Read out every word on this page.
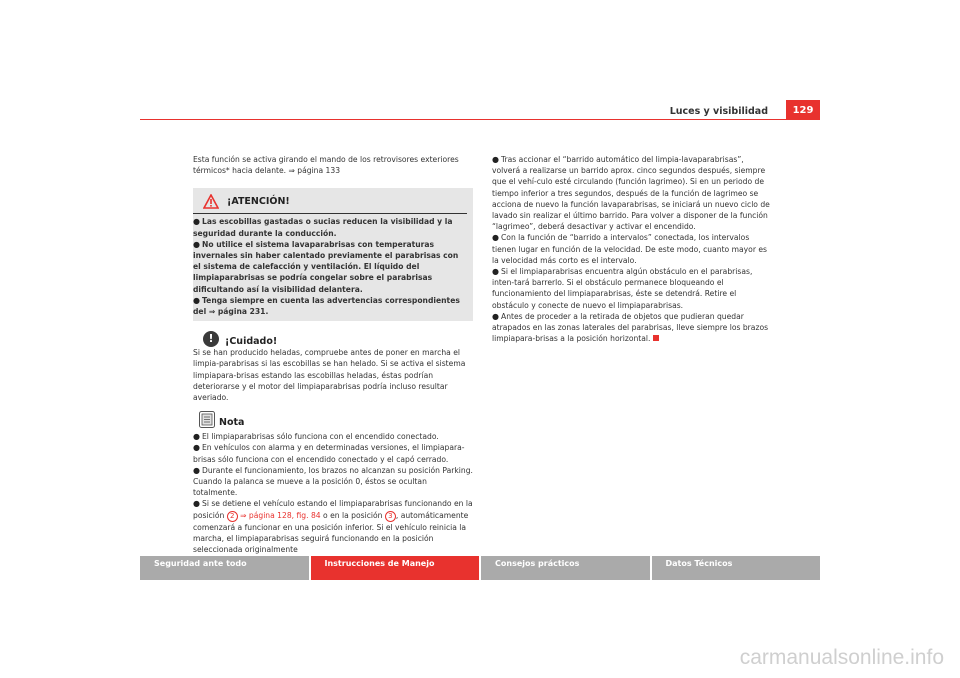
Luces y visibilidad	129

Esta función se activa girando el mando de los retrovisores exteriores térmicos* hacia delante. ⇒ página 133

¡ATENCIÓN!

● Las escobillas gastadas o sucias reducen la visibilidad y la seguridad durante la conducción.

● No utilice el sistema lavaparabrisas con temperaturas invernales sin haber calentado previamente el parabrisas con el sistema de calefacción y ventilación. El líquido del limpiaparabrisas se podría congelar sobre el parabrisas dificultando así la visibilidad delantera.

● Tenga siempre en cuenta las advertencias correspondientes del ⇒ página 231.

!	¡Cuidado!

Si se han producido heladas, compruebe antes de poner en marcha el limpia-parabrisas si las escobillas se han helado. Si se activa el sistema limpiapara-brisas estando las escobillas heladas, éstas podrían deteriorarse y el motor del limpiaparabrisas podría incluso resultar averiado.

Nota

● El limpiaparabrisas sólo funciona con el encendido conectado.

● En vehículos con alarma y en determinadas versiones, el limpiapara-brisas sólo funciona con el encendido conectado y el capó cerrado.

● Durante el funcionamiento, los brazos no alcanzan su posición Parking. Cuando la palanca se mueve a la posición 0, éstos se ocultan totalmente.

● Si se detiene el vehículo estando el limpiaparabrisas funcionando en la posición 2 ⇒ página 128, fig. 84 o en la posición 3 , automáticamente comenzará a funcionar en una posición inferior. Si el vehículo reinicia la marcha, el limpiaparabrisas seguirá funcionando en la posición seleccionada originalmente

● Tras accionar el “barrido automático del limpia-lavaparabrisas”, volverá a realizarse un barrido aprox. cinco segundos después, siempre que el vehí-culo esté circulando (función lagrimeo). Si en un periodo de tiempo inferior a tres segundos, después de la función de lagrimeo se acciona de nuevo la función lavaparabrisas, se iniciará un nuevo ciclo de lavado sin realizar el último barrido. Para volver a disponer de la función “lagrimeo”, deberá desactivar y activar el encendido.

● Con la función de “barrido a intervalos” conectada, los intervalos tienen lugar en función de la velocidad. De este modo, cuanto mayor es la velocidad más corto es el intervalo.

● Si el limpiaparabrisas encuentra algún obstáculo en el parabrisas, inten-tará barrerlo. Si el obstáculo permanece bloqueando el funcionamiento del limpiaparabrisas, éste se detendrá. Retire el obstáculo y conecte de nuevo el limpiaparabrisas.

● Antes de proceder a la retirada de objetos que pudieran quedar atrapados en las zonas laterales del parabrisas, lleve siempre los brazos limpiapara-brisas a la posición horizontal.

Seguridad ante todo	Instrucciones de Manejo	Consejos prácticos	Datos Técnicos
carmanualsonline.info
